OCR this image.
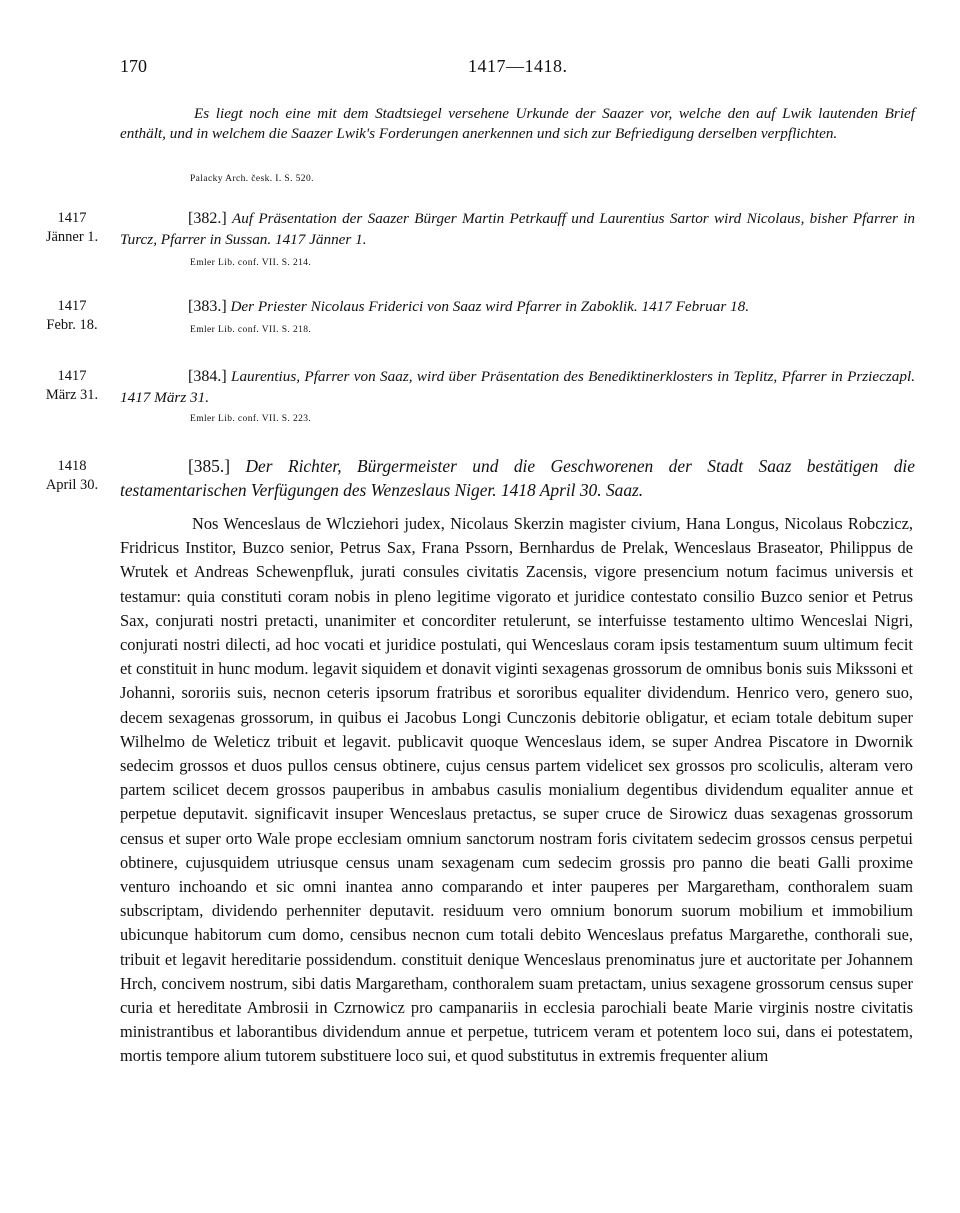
170	1417—1418.

Es liegt noch eine mit dem Stadtsiegel versehene Urkunde der Saazer vor, welche den auf Lwik lautenden Brief enthält, und in welchem die Saazer Lwik's Forderungen anerkennen und sich zur Befriedigung derselben verpflichten.

Palacky Arch. česk. I. S. 520.

1417
Jänner 1.

[382.] Auf Präsentation der Saazer Bürger Martin Petrkauff und Laurentius Sartor wird Nicolaus, bisher Pfarrer in Turcz, Pfarrer in Sussan. 1417 Jänner 1.

Emler Lib. conf. VII. S. 214.

1417
Febr. 18.

[383.] Der Priester Nicolaus Friderici von Saaz wird Pfarrer in Zaboklik. 1417 Februar 18.

Emler Lib. conf. VII. S. 218.

1417
März 31.

[384.] Laurentius, Pfarrer von Saaz, wird über Präsentation des Benediktinerklosters in Teplitz, Pfarrer in Przieczapl. 1417 März 31.

Emler Lib. conf. VII. S. 223.

1418
April 30.

[385.] Der Richter, Bürgermeister und die Geschworenen der Stadt Saaz bestätigen die testamentarischen Verfügungen des Wenzeslaus Niger. 1418 April 30. Saaz.

Nos Wenceslaus de Wlcziehori judex, Nicolaus Skerzin magister civium, Hana Longus, Nicolaus Robczicz, Fridricus Institor, Buzco senior, Petrus Sax, Frana Pssorn, Bernhardus de Prelak, Wenceslaus Braseator, Philippus de Wrutek et Andreas Schewenpfluk, jurati consules civitatis Zacensis, vigore presencium notum facimus universis et testamur: quia constituti coram nobis in pleno legitime vigorato et juridice contestato consilio Buzco senior et Petrus Sax, conjurati nostri pretacti, unanimiter et concorditer retulerunt, se interfuisse testamento ultimo Wenceslai Nigri, conjurati nostri dilecti, ad hoc vocati et juridice postulati, qui Wenceslaus coram ipsis testamentum suum ultimum fecit et constituit in hunc modum. legavit siquidem et donavit viginti sexagenas grossorum de omnibus bonis suis Mikssoni et Johanni, sororiis suis, necnon ceteris ipsorum fratribus et sororibus equaliter dividendum. Henrico vero, genero suo, decem sexagenas grossorum, in quibus ei Jacobus Longi Cunczonis debitorie obligatur, et eciam totale debitum super Wilhelmo de Weleticz tribuit et legavit. publicavit quoque Wenceslaus idem, se super Andrea Piscatore in Dwornik sedecim grossos et duos pullos census obtinere, cujus census partem videlicet sex grossos pro scoliculis, alteram vero partem scilicet decem grossos pauperibus in ambabus casulis monialium degentibus dividendum equaliter annue et perpetue deputavit. significavit insuper Wenceslaus pretactus, se super cruce de Sirowicz duas sexagenas grossorum census et super orto Wale prope ecclesiam omnium sanctorum nostram foris civitatem sedecim grossos census perpetui obtinere, cujusquidem utriusque census unam sexagenam cum sedecim grossis pro panno die beati Galli proxime venturo inchoando et sic omni inantea anno comparando et inter pauperes per Margaretham, conthoralem suam subscriptam, dividendo perhenniter deputavit. residuum vero omnium bonorum suorum mobilium et immobilium ubicunque habitorum cum domo, censibus necnon cum totali debito Wenceslaus prefatus Margarethe, conthorali sue, tribuit et legavit hereditarie possidendum. constituit denique Wenceslaus prenominatus jure et auctoritate per Johannem Hrch, concivem nostrum, sibi datis Margaretham, conthoralem suam pretactam, unius sexagene grossorum census super curia et hereditate Ambrosii in Czrnowicz pro campanariis in ecclesia parochiali beate Marie virginis nostre civitatis ministrantibus et laborantibus dividendum annue et perpetue, tutricem veram et potentem loco sui, dans ei potestatem, mortis tempore alium tutorem substituere loco sui, et quod substitutus in extremis frequenter alium
